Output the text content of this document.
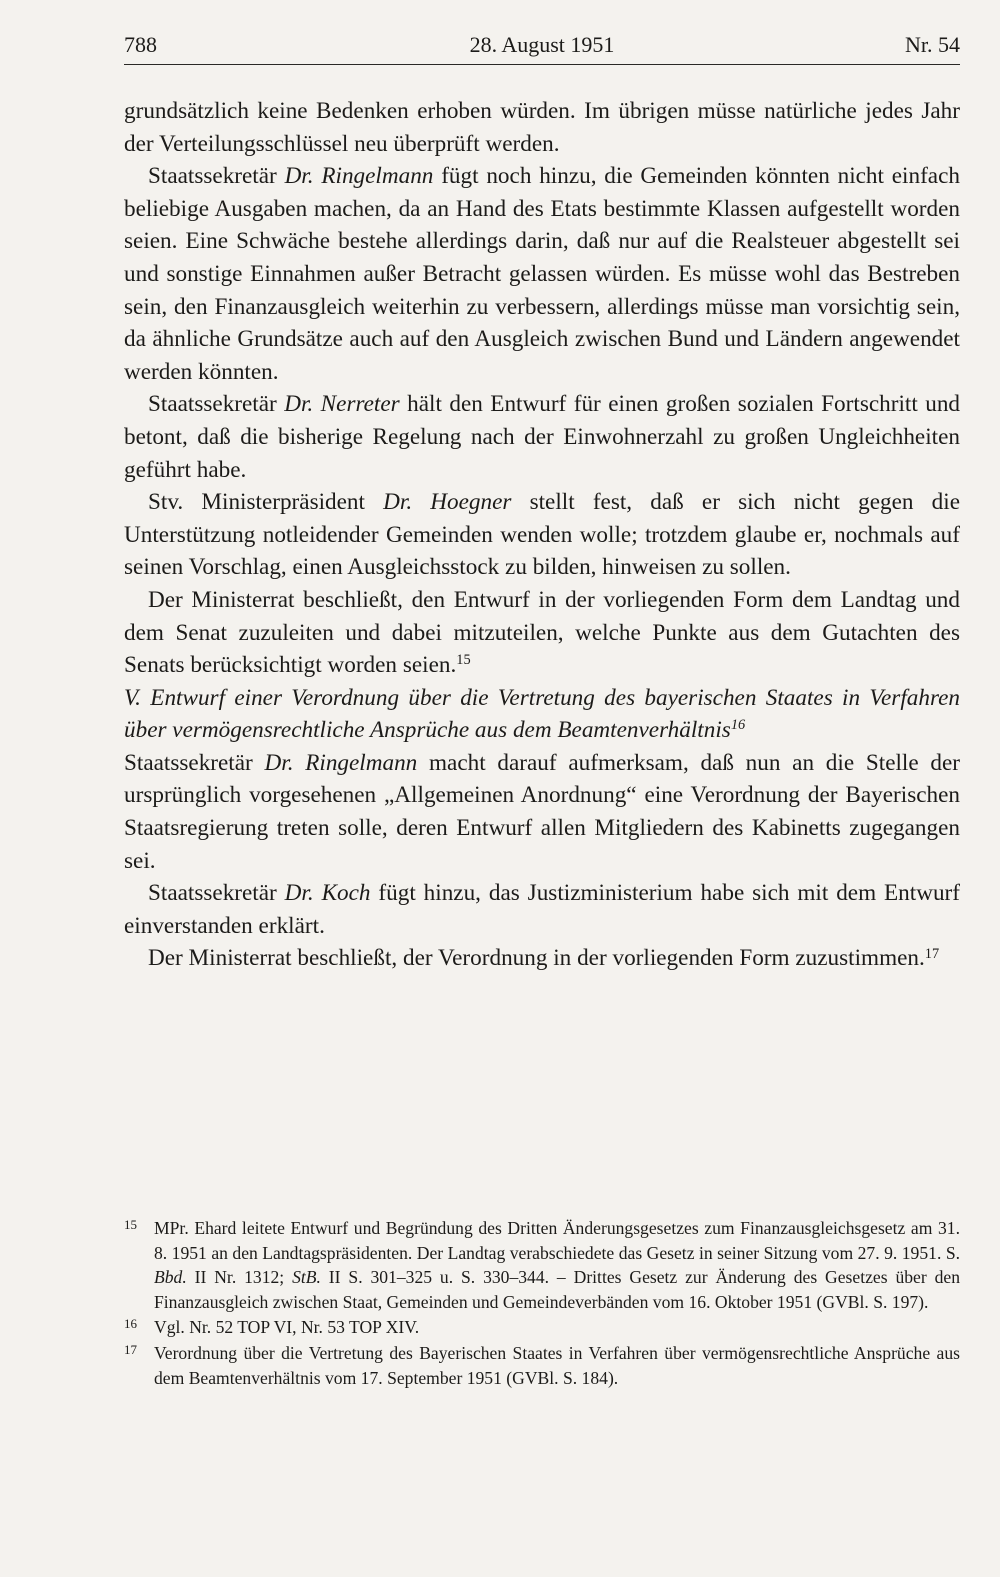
788	28. August 1951	Nr. 54

grundsätzlich keine Bedenken erhoben würden. Im übrigen müsse natürliche jedes Jahr der Verteilungsschlüssel neu überprüft werden.

Staatssekretär Dr. Ringelmann fügt noch hinzu, die Gemeinden könnten nicht einfach beliebige Ausgaben machen, da an Hand des Etats bestimmte Klassen aufgestellt worden seien. Eine Schwäche bestehe allerdings darin, daß nur auf die Realsteuer abgestellt sei und sonstige Einnahmen außer Betracht gelassen würden. Es müsse wohl das Bestreben sein, den Finanzausgleich weiterhin zu verbessern, allerdings müsse man vorsichtig sein, da ähnliche Grundsätze auch auf den Ausgleich zwischen Bund und Ländern angewendet werden könnten.

Staatssekretär Dr. Nerreter hält den Entwurf für einen großen sozialen Fortschritt und betont, daß die bisherige Regelung nach der Einwohnerzahl zu großen Ungleichheiten geführt habe.

Stv. Ministerpräsident Dr. Hoegner stellt fest, daß er sich nicht gegen die Unterstützung notleidender Gemeinden wenden wolle; trotzdem glaube er, nochmals auf seinen Vorschlag, einen Ausgleichsstock zu bilden, hinweisen zu sollen.

Der Ministerrat beschließt, den Entwurf in der vorliegenden Form dem Landtag und dem Senat zuzuleiten und dabei mitzuteilen, welche Punkte aus dem Gutachten des Senats berücksichtigt worden seien.$^{15}$

V. Entwurf einer Verordnung über die Vertretung des bayerischen Staates in Verfahren über vermögensrechtliche Ansprüche aus dem Beamtenverhältnis$^{16}$

Staatssekretär Dr. Ringelmann macht darauf aufmerksam, daß nun an die Stelle der ursprünglich vorgesehenen „Allgemeinen Anordnung“ eine Verordnung der Bayerischen Staatsregierung treten solle, deren Entwurf allen Mitgliedern des Kabinetts zugegangen sei.

Staatssekretär Dr. Koch fügt hinzu, das Justizministerium habe sich mit dem Entwurf einverstanden erklärt.

Der Ministerrat beschließt, der Verordnung in der vorliegenden Form zuzustimmen.$^{17}$

15 MPr. Ehard leitete Entwurf und Begründung des Dritten Änderungsgesetzes zum Finanzausgleichsgesetz am 31. 8. 1951 an den Landtagspräsidenten. Der Landtag verabschiedete das Gesetz in seiner Sitzung vom 27. 9. 1951. S. Bbd. II Nr. 1312; StB. II S. 301–325 u. S. 330–344. – Drittes Gesetz zur Änderung des Gesetzes über den Finanzausgleich zwischen Staat, Gemeinden und Gemeindeverbänden vom 16. Oktober 1951 (GVBl. S. 197).

16 Vgl. Nr. 52 TOP VI, Nr. 53 TOP XIV.

17 Verordnung über die Vertretung des Bayerischen Staates in Verfahren über vermögensrechtliche Ansprüche aus dem Beamtenverhältnis vom 17. September 1951 (GVBl. S. 184).
